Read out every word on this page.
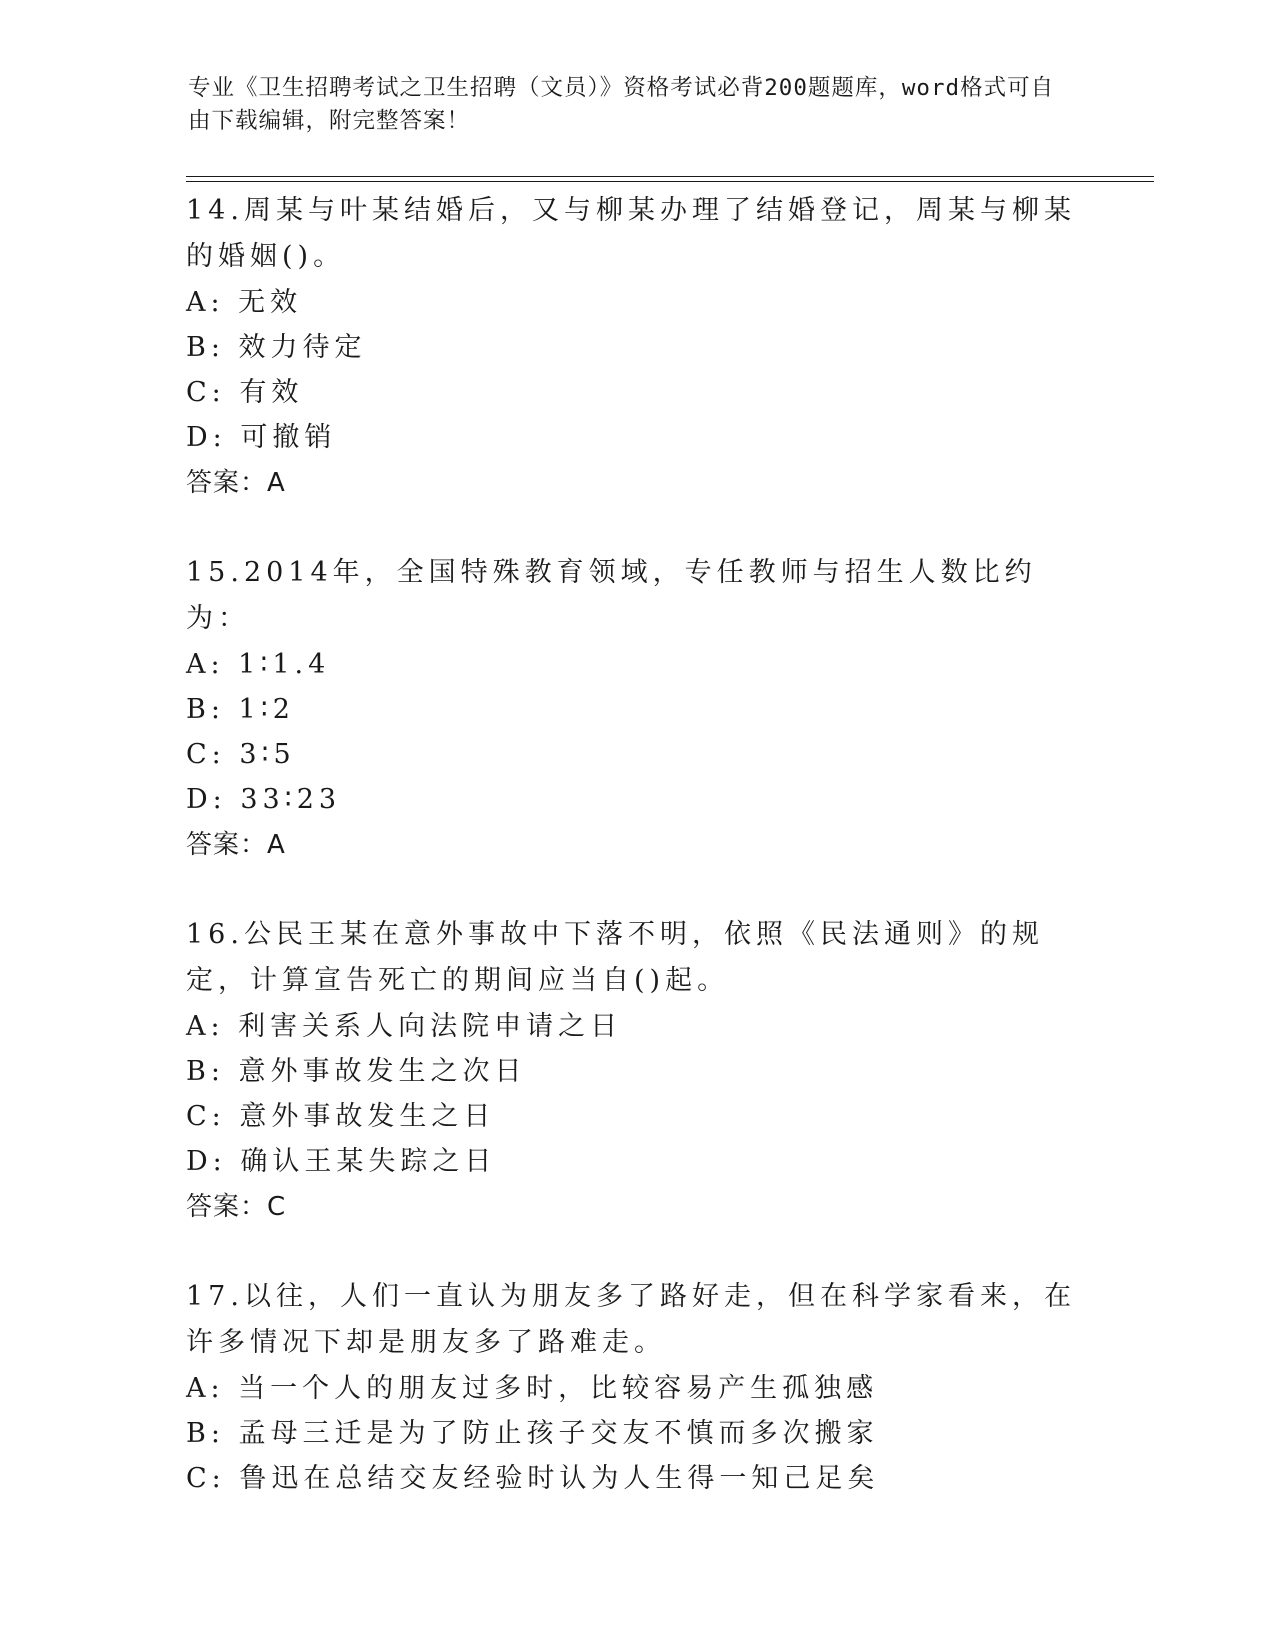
专业《卫生招聘考试之卫生招聘（文员）》资格考试必背200题题库，word格式可自由下载编辑，附完整答案！

14.周某与叶某结婚后，又与柳某办理了结婚登记，周某与柳某的婚姻()。

A: 无效

B: 效力待定

C: 有效

D: 可撤销

答案：A

15.2014年，全国特殊教育领域，专任教师与招生人数比约为：

A: 1∶1.4

B: 1∶2

C: 3∶5

D: 33∶23

答案：A

16.公民王某在意外事故中下落不明，依照《民法通则》的规定，计算宣告死亡的期间应当自()起。

A: 利害关系人向法院申请之日

B: 意外事故发生之次日

C: 意外事故发生之日

D: 确认王某失踪之日

答案：C

17.以往，人们一直认为朋友多了路好走，但在科学家看来，在许多情况下却是朋友多了路难走。

A: 当一个人的朋友过多时，比较容易产生孤独感

B: 孟母三迁是为了防止孩子交友不慎而多次搬家

C: 鲁迅在总结交友经验时认为人生得一知己足矣
